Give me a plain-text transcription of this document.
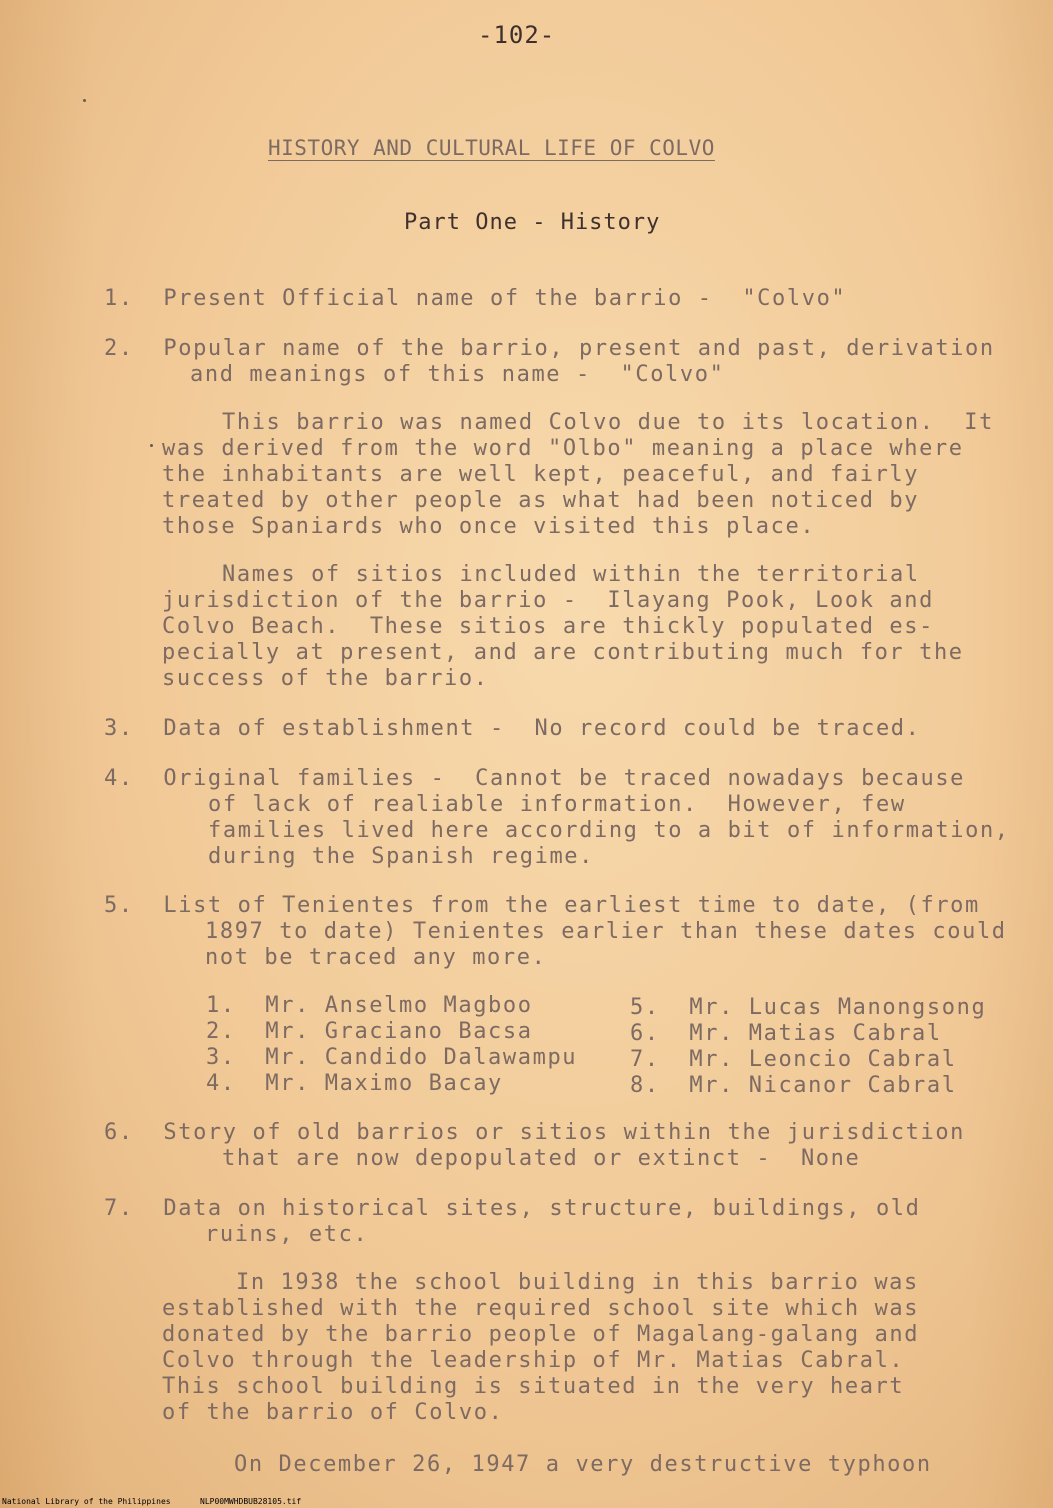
-102-
HISTORY AND CULTURAL LIFE OF COLVO
Part One - History
1.  Present Official name of the barrio -  "Colvo"
2.  Popular name of the barrio, present and past, derivation
and meanings of this name -  "Colvo"
This barrio was named Colvo due to its location.  It
was derived from the word "Olbo" meaning a place where
the inhabitants are well kept, peaceful, and fairly
treated by other people as what had been noticed by
those Spaniards who once visited this place.
Names of sitios included within the territorial
jurisdiction of the barrio -  Ilayang Pook, Look and
Colvo Beach.  These sitios are thickly populated es-
pecially at present, and are contributing much for the
success of the barrio.
3.  Data of establishment -  No record could be traced.
4.  Original families -  Cannot be traced nowadays because
of lack of realiable information.  However, few
families lived here according to a bit of information,
during the Spanish regime.
5.  List of Tenientes from the earliest time to date, (from
1897 to date) Tenientes earlier than these dates could
not be traced any more.
1.  Mr. Anselmo Magboo
2.  Mr. Graciano Bacsa
3.  Mr. Candido Dalawampu
4.  Mr. Maximo Bacay
5.  Mr. Lucas Manongsong
6.  Mr. Matias Cabral
7.  Mr. Leoncio Cabral
8.  Mr. Nicanor Cabral
6.  Story of old barrios or sitios within the jurisdiction
that are now depopulated or extinct -  None
7.  Data on historical sites, structure, buildings, old
ruins, etc.
In 1938 the school building in this barrio was
established with the required school site which was
donated by the barrio people of Magalang-galang and
Colvo through the leadership of Mr. Matias Cabral.
This school building is situated in the very heart
of the barrio of Colvo.
On December 26, 1947 a very destructive typhoon
National Library of the Philippines	NLP00MWHDBUB28105.tif
